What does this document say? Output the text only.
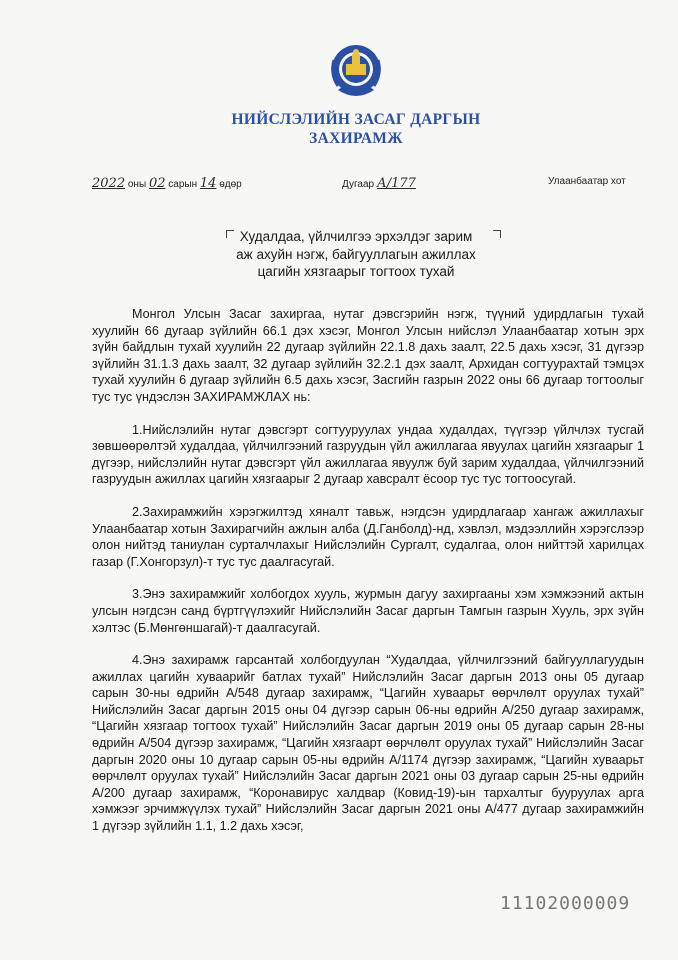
НИЙСЛЭЛИЙН ЗАСАГ ДАРГЫН
ЗАХИРАМЖ
2022 оны 02 сарын 14 өдөр	Дугаар А/177	Улаанбаатар хот
Худалдаа, үйлчилгээ эрхэлдэг зарим
аж ахуйн нэгж, байгууллагын ажиллах
цагийн хязгаарыг тогтоох тухай

Монгол Улсын Засаг захиргаа, нутаг дэвсгэрийн нэгж, түүний удирдлагын тухай хуулийн 66 дугаар зүйлийн 66.1 дэх хэсэг, Монгол Улсын нийслэл Улаанбаатар хотын эрх зүйн байдлын тухай хуулийн 22 дугаар зүйлийн 22.1.8 дахь заалт, 22.5 дахь хэсэг, 31 дүгээр зүйлийн 31.1.3 дахь заалт, 32 дугаар зүйлийн 32.2.1 дэх заалт, Архидан согтуурахтай тэмцэх тухай хуулийн 6 дугаар зүйлийн 6.5 дахь хэсэг, Засгийн газрын 2022 оны 66 дугаар тогтоолыг тус тус үндэслэн ЗАХИРАМЖЛАХ нь:

1.Нийслэлийн нутаг дэвсгэрт согтууруулах ундаа худалдах, түүгээр үйлчлэх тусгай зөвшөөрөлтэй худалдаа, үйлчилгээний газруудын үйл ажиллагаа явуулах цагийн хязгаарыг 1 дүгээр, нийслэлийн нутаг дэвсгэрт үйл ажиллагаа явуулж буй зарим худалдаа, үйлчилгээний газруудын ажиллах цагийн хязгаарыг 2 дугаар хавсралт ёсоор тус тус тогтоосугай.

2.Захирамжийн хэрэгжилтэд хяналт тавьж, нэгдсэн удирдлагаар хангаж ажиллахыг Улаанбаатар хотын Захирагчийн ажлын алба (Д.Ганболд)-нд, хэвлэл, мэдээллийн хэрэгслээр олон нийтэд таниулан сурталчлахыг Нийслэлийн Сургалт, судалгаа, олон нийттэй харилцах газар (Г.Хонгорзул)-т тус тус даалгасугай.

3.Энэ захирамжийг холбогдох хууль, журмын дагуу захиргааны хэм хэмжээний актын улсын нэгдсэн санд бүртгүүлэхийг Нийслэлийн Засаг даргын Тамгын газрын Хууль, эрх зүйн хэлтэс (Б.Мөнгөншагай)-т даалгасугай.

4.Энэ захирамж гарсантай холбогдуулан “Худалдаа, үйлчилгээний байгууллагуудын ажиллах цагийн хуваарийг батлах тухай” Нийслэлийн Засаг даргын 2013 оны 05 дугаар сарын 30-ны өдрийн А/548 дугаар захирамж, “Цагийн хуваарьт өөрчлөлт оруулах тухай” Нийслэлийн Засаг даргын 2015 оны 04 дүгээр сарын 06-ны өдрийн А/250 дугаар захирамж, “Цагийн хязгаар тогтоох тухай” Нийслэлийн Засаг даргын 2019 оны 05 дугаар сарын 28-ны өдрийн А/504 дүгээр захирамж, “Цагийн хязгаарт өөрчлөлт оруулах тухай” Нийслэлийн Засаг даргын 2020 оны 10 дугаар сарын 05-ны өдрийн А/1174 дүгээр захирамж, “Цагийн хуваарьт өөрчлөлт оруулах тухай” Нийслэлийн Засаг даргын 2021 оны 03 дугаар сарын 25-ны өдрийн А/200 дугаар захирамж, “Коронавирус халдвар (Ковид-19)-ын тархалтыг бууруулах арга хэмжээг эрчимжүүлэх тухай” Нийслэлийн Засаг даргын 2021 оны А/477 дугаар захирамжийн 1 дүгээр зүйлийн 1.1, 1.2 дахь хэсэг,

11102000009
